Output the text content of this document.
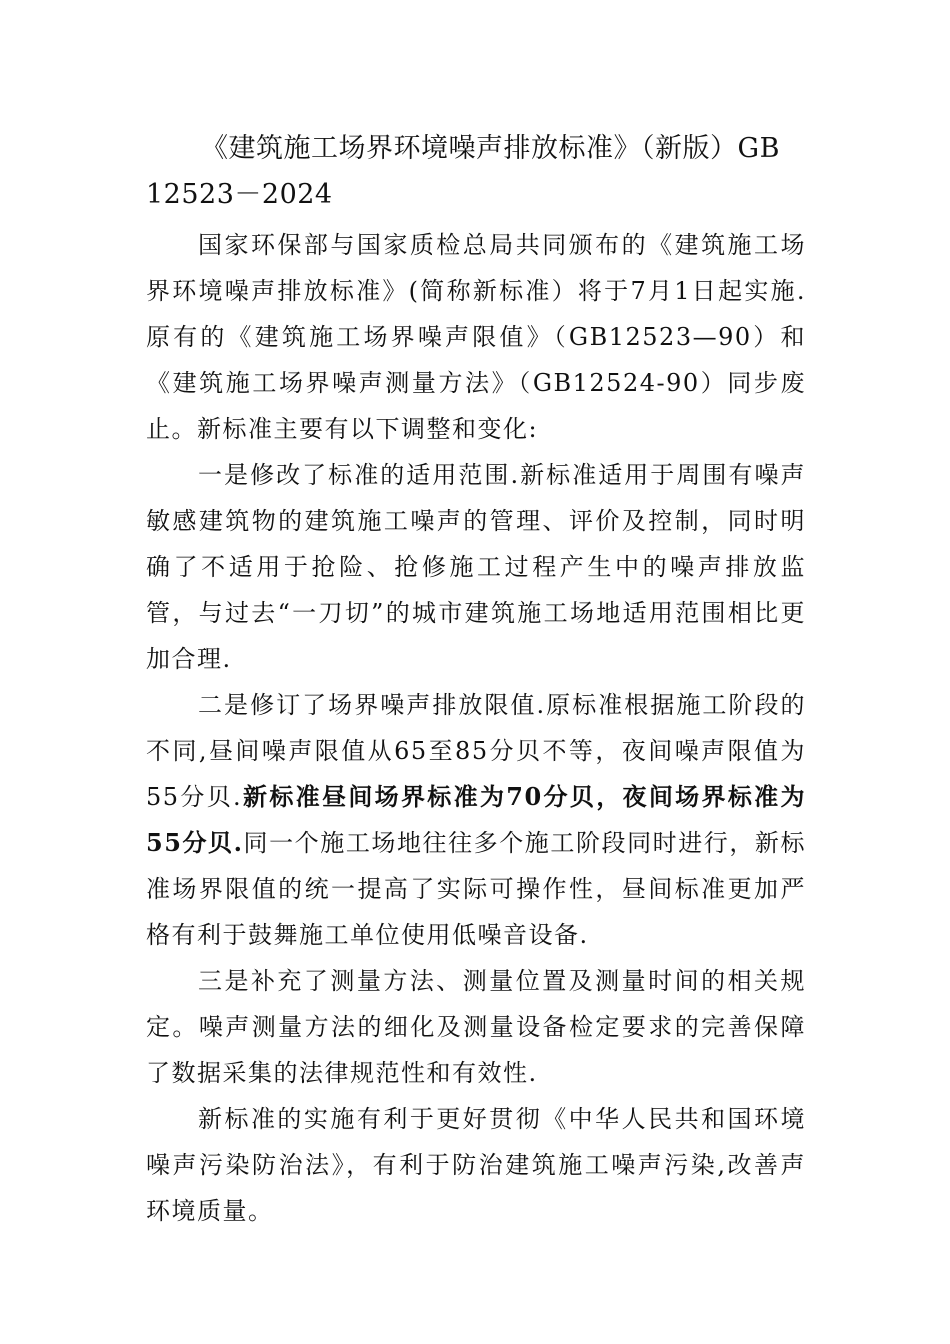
《建筑施工场界环境噪声排放标准》（新版）GB 12523－2024

国家环保部与国家质检总局共同颁布的《建筑施工场界环境噪声排放标准》(简称新标准）将于7月1日起实施.原有的《建筑施工场界噪声限值》（GB12523—90）和《建筑施工场界噪声测量方法》（GB12524-90）同步废止。新标准主要有以下调整和变化:

一是修改了标准的适用范围.新标准适用于周围有噪声敏感建筑物的建筑施工噪声的管理、评价及控制，同时明确了不适用于抢险、抢修施工过程产生中的噪声排放监管，与过去“一刀切”的城市建筑施工场地适用范围相比更加合理.

二是修订了场界噪声排放限值.原标准根据施工阶段的不同,昼间噪声限值从65至85分贝不等，夜间噪声限值为55分贝.新标准昼间场界标准为70分贝，夜间场界标准为55分贝.同一个施工场地往往多个施工阶段同时进行，新标准场界限值的统一提高了实际可操作性，昼间标准更加严格有利于鼓舞施工单位使用低噪音设备.

三是补充了测量方法、测量位置及测量时间的相关规定。噪声测量方法的细化及测量设备检定要求的完善保障了数据采集的法律规范性和有效性.

新标准的实施有利于更好贯彻《中华人民共和国环境噪声污染防治法》，有利于防治建筑施工噪声污染,改善声环境质量。
